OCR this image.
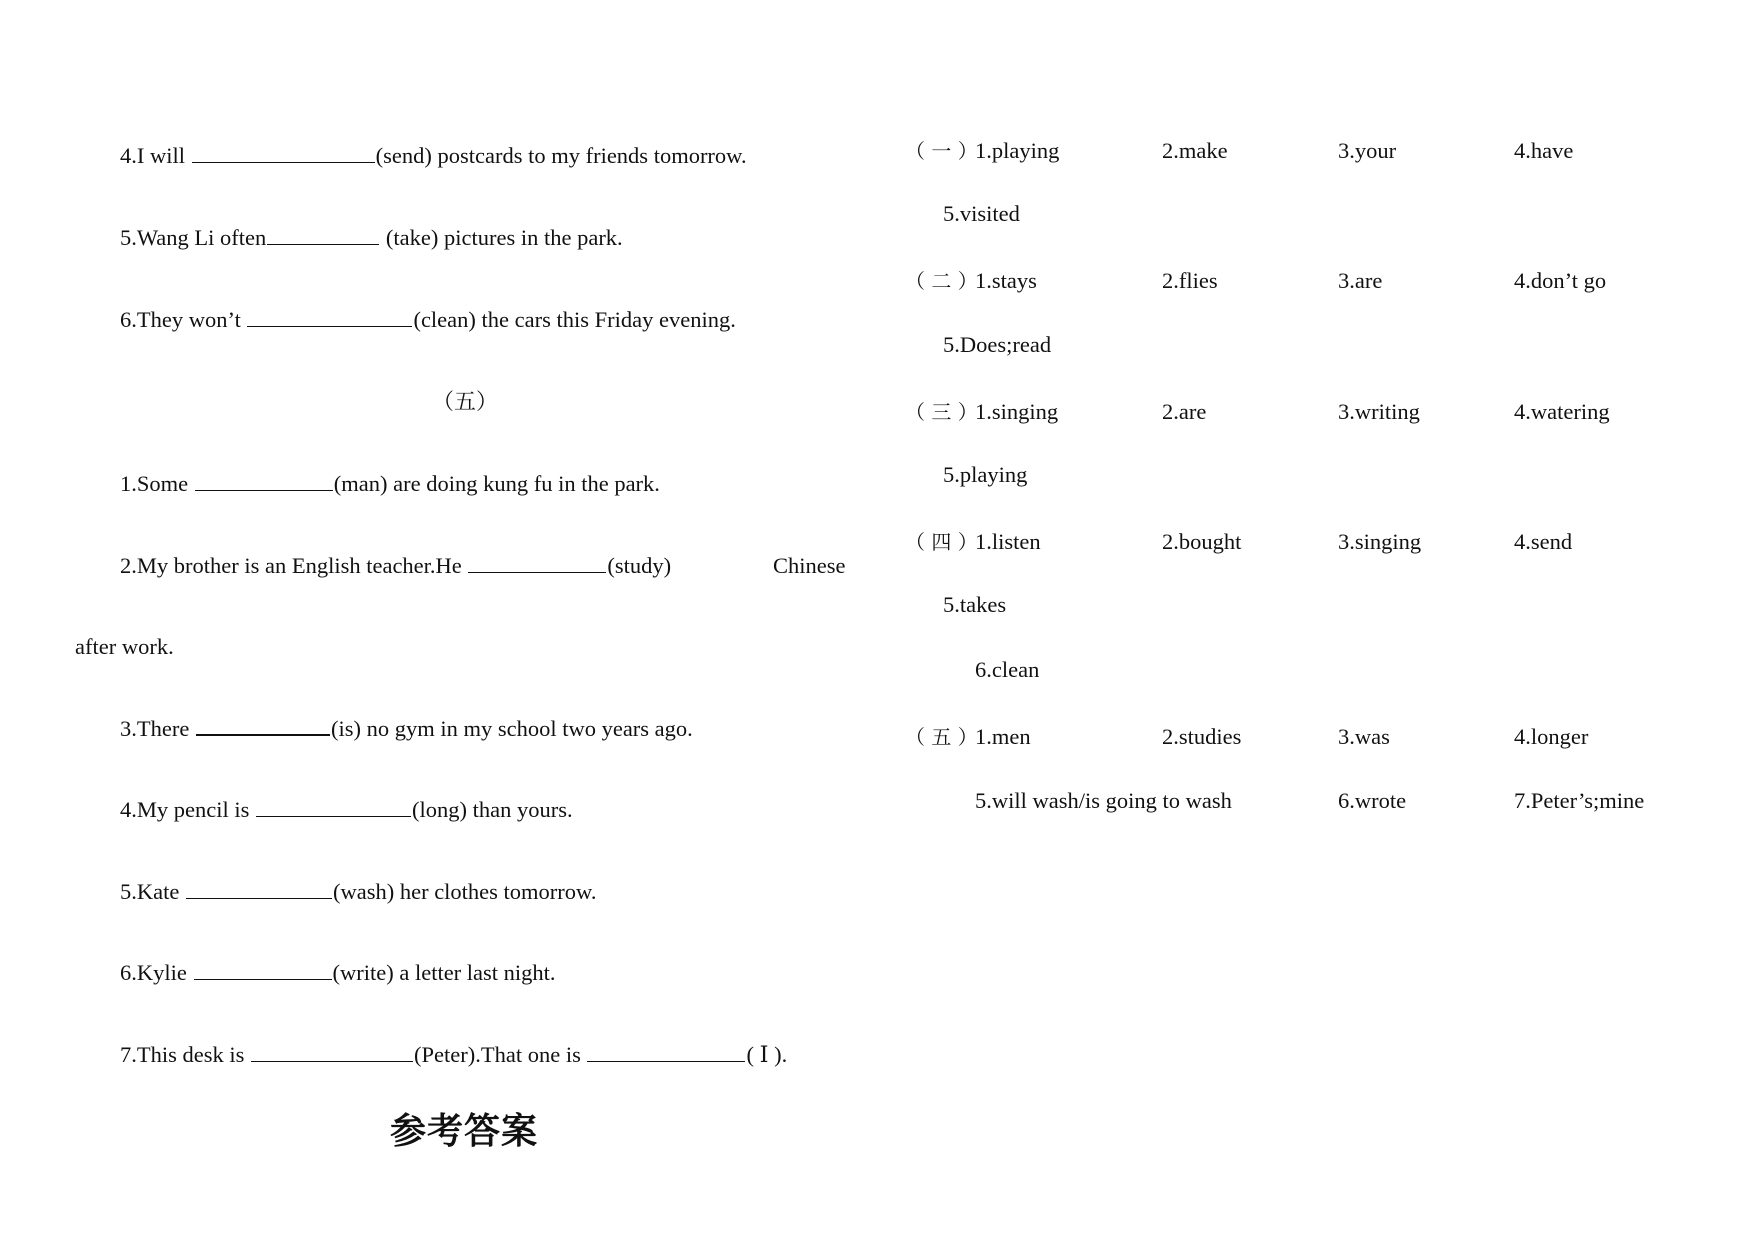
4.I will	(send) postcards to my friends tomorrow.
5.Wang Li often	(take) pictures in the park.
6.They won’t	(clean) the cars this Friday evening.
（五）
1.Some	(man) are doing kung fu in the park.
2.My brother is an English teacher.He	(study)	Chinese
after work.
3.There	(is) no gym in my school two years ago.
4.My pencil is	(long) than yours.
5.Kate	(wash) her clothes tomorrow.
6.Kylie	(write) a letter last night.
7.This desk is	(Peter).That one is	( Ⅰ ).
参考答案
（ 一 ）
1.playing	2.make	3.your	4.have
5.visited
（ 二 ）
1.stays	2.flies	3.are	4.don’t go
5.Does;read
（ 三 ）
1.singing	2.are	3.writing	4.watering
5.playing
（ 四 ）
1.listen	2.bought	3.singing	4.send
5.takes
6.clean
（ 五 ）
1.men	2.studies	3.was	4.longer
5.will wash/is going to wash	6.wrote	7.Peter’s;mine
